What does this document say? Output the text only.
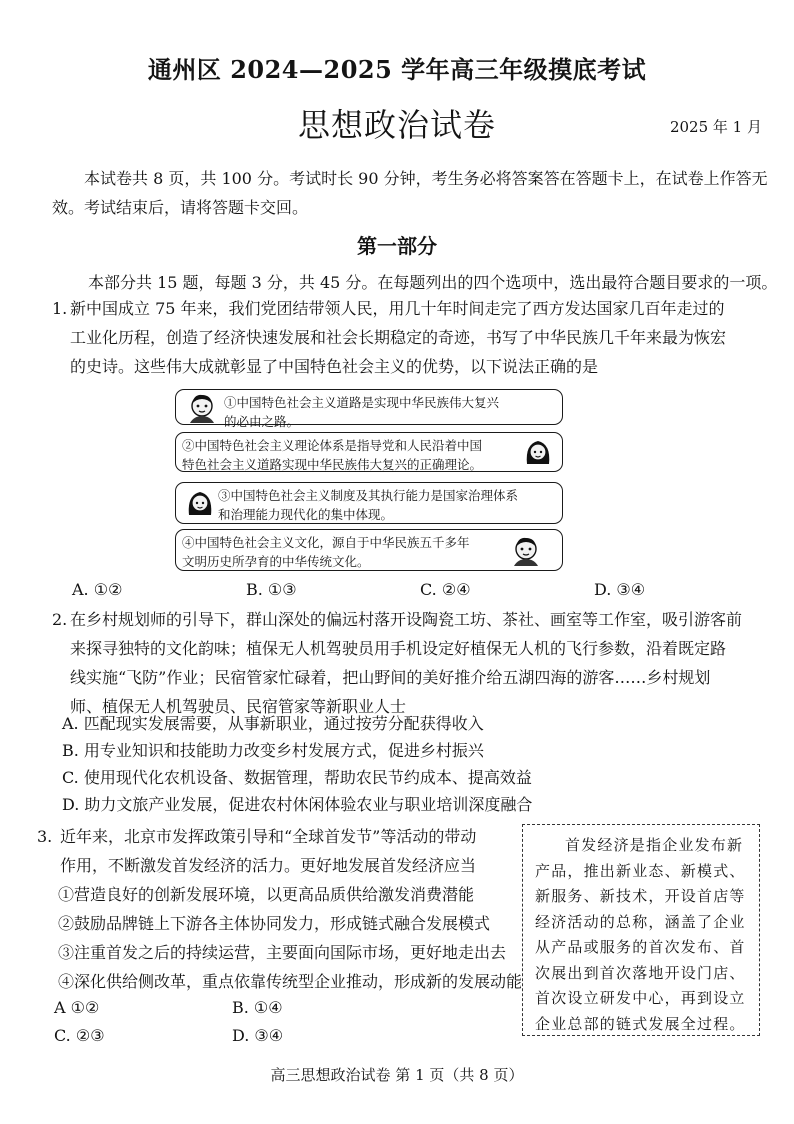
通州区 2024—2025 学年高三年级摸底考试
思想政治试卷	2025 年 1 月
本试卷共 8 页，共 100 分。考试时长 90 分钟，考生务必将答案答在答题卡上，在试卷上作答无效。考试结束后，请将答题卡交回。
第一部分
本部分共 15 题，每题 3 分，共 45 分。在每题列出的四个选项中，选出最符合题目要求的一项。
1. 新中国成立 75 年来，我们党团结带领人民，用几十年时间走完了西方发达国家几百年走过的
工业化历程，创造了经济快速发展和社会长期稳定的奇迹，书写了中华民族几千年来最为恢宏
的史诗。这些伟大成就彰显了中国特色社会主义的优势，以下说法正确的是
①中国特色社会主义道路是实现中华民族伟大复兴
的必由之路。
②中国特色社会主义理论体系是指导党和人民沿着中国
特色社会主义道路实现中华民族伟大复兴的正确理论。
③中国特色社会主义制度及其执行能力是国家治理体系
和治理能力现代化的集中体现。
④中国特色社会主义文化，源自于中华民族五千多年
文明历史所孕育的中华传统文化。
A. ①②	B. ①③	C. ②④	D. ③④
2. 在乡村规划师的引导下，群山深处的偏远村落开设陶瓷工坊、茶社、画室等工作室，吸引游客前
来探寻独特的文化韵味；植保无人机驾驶员用手机设定好植保无人机的飞行参数，沿着既定路
线实施“飞防”作业；民宿管家忙碌着，把山野间的美好推介给五湖四海的游客……乡村规划
师、植保无人机驾驶员、民宿管家等新职业人士
A. 匹配现实发展需要，从事新职业，通过按劳分配获得收入
B. 用专业知识和技能助力改变乡村发展方式，促进乡村振兴
C. 使用现代化农机设备、数据管理，帮助农民节约成本、提高效益
D. 助力文旅产业发展，促进农村休闲体验农业与职业培训深度融合
3. 近年来，北京市发挥政策引导和“全球首发节”等活动的带动
作用，不断激发首发经济的活力。更好地发展首发经济应当
①营造良好的创新发展环境，以更高品质供给激发消费潜能
②鼓励品牌链上下游各主体协同发力，形成链式融合发展模式
③注重首发之后的持续运营，主要面向国际市场，更好地走出去
④深化供给侧改革，重点依靠传统型企业推动，形成新的发展动能
A ①②	B. ①④
C. ②③	D. ③④
首发经济是指企业发布新产品，推出新业态、新模式、新服务、新技术，开设首店等经济活动的总称，涵盖了企业从产品或服务的首次发布、首次展出到首次落地开设门店、首次设立研发中心，再到设立企业总部的链式发展全过程。
高三思想政治试卷 第 1 页（共 8 页）
